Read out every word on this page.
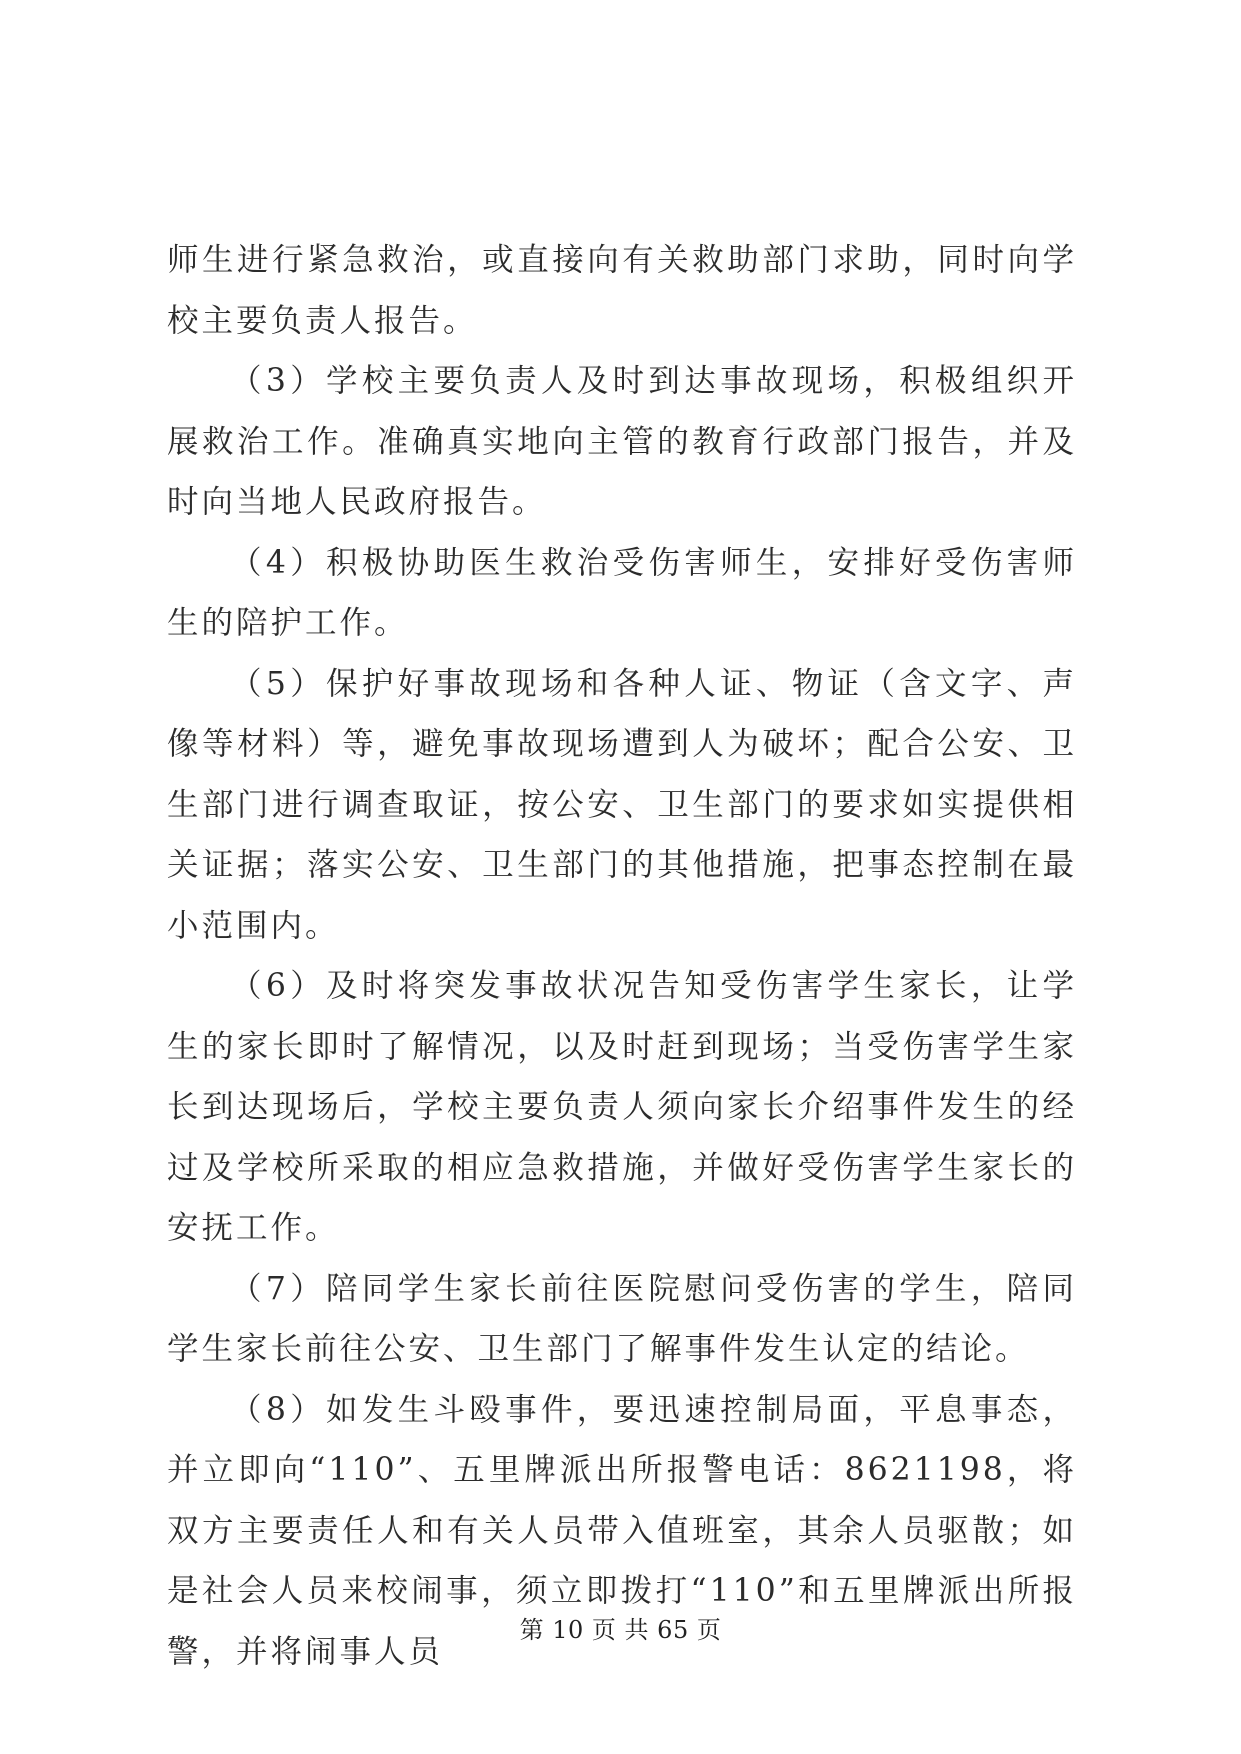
师生进行紧急救治，或直接向有关救助部门求助，同时向学校主要负责人报告。

（3）学校主要负责人及时到达事故现场，积极组织开展救治工作。准确真实地向主管的教育行政部门报告，并及时向当地人民政府报告。

（4）积极协助医生救治受伤害师生，安排好受伤害师生的陪护工作。

（5）保护好事故现场和各种人证、物证（含文字、声像等材料）等，避免事故现场遭到人为破坏；配合公安、卫生部门进行调查取证，按公安、卫生部门的要求如实提供相关证据；落实公安、卫生部门的其他措施，把事态控制在最小范围内。

（6）及时将突发事故状况告知受伤害学生家长，让学生的家长即时了解情况，以及时赶到现场；当受伤害学生家长到达现场后，学校主要负责人须向家长介绍事件发生的经过及学校所采取的相应急救措施，并做好受伤害学生家长的安抚工作。

（7）陪同学生家长前往医院慰问受伤害的学生，陪同学生家长前往公安、卫生部门了解事件发生认定的结论。

（8）如发生斗殴事件，要迅速控制局面，平息事态，并立即向“110”、五里牌派出所报警电话：8621198，将双方主要责任人和有关人员带入值班室，其余人员驱散；如是社会人员来校闹事，须立即拨打“110”和五里牌派出所报警，并将闹事人员

第 10 页 共 65 页
